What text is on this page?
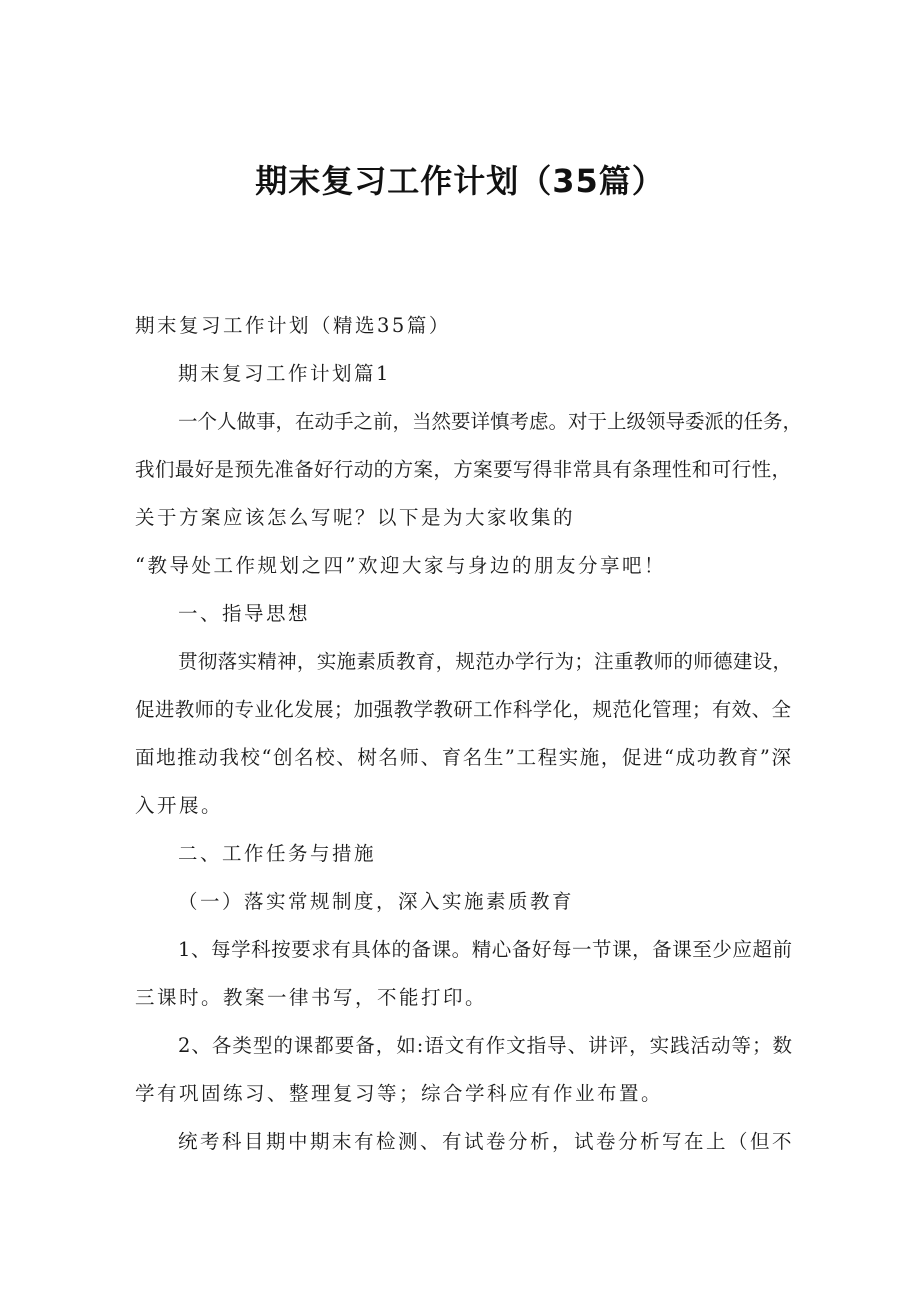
期末复习工作计划（35篇）

期末复习工作计划（精选35篇）

期末复习工作计划篇1

一个人做事，在动手之前，当然要详慎考虑。对于上级领导委派的任务，

我们最好是预先准备好行动的方案，方案要写得非常具有条理性和可行性，

关于方案应该怎么写呢？以下是为大家收集的

“教导处工作规划之四”欢迎大家与身边的朋友分享吧！

一、指导思想

贯彻落实精神，实施素质教育，规范办学行为；注重教师的师德建设，

促进教师的专业化发展；加强教学教研工作科学化，规范化管理；有效、全

面地推动我校“创名校、树名师、育名生”工程实施，促进“成功教育”深

入开展。

二、工作任务与措施

（一）落实常规制度，深入实施素质教育

1、每学科按要求有具体的备课。精心备好每一节课，备课至少应超前

三课时。教案一律书写，不能打印。

2、各类型的课都要备，如:语文有作文指导、讲评，实践活动等；数

学有巩固练习、整理复习等；综合学科应有作业布置。

统考科目期中期末有检测、有试卷分析，试卷分析写在上（但不
